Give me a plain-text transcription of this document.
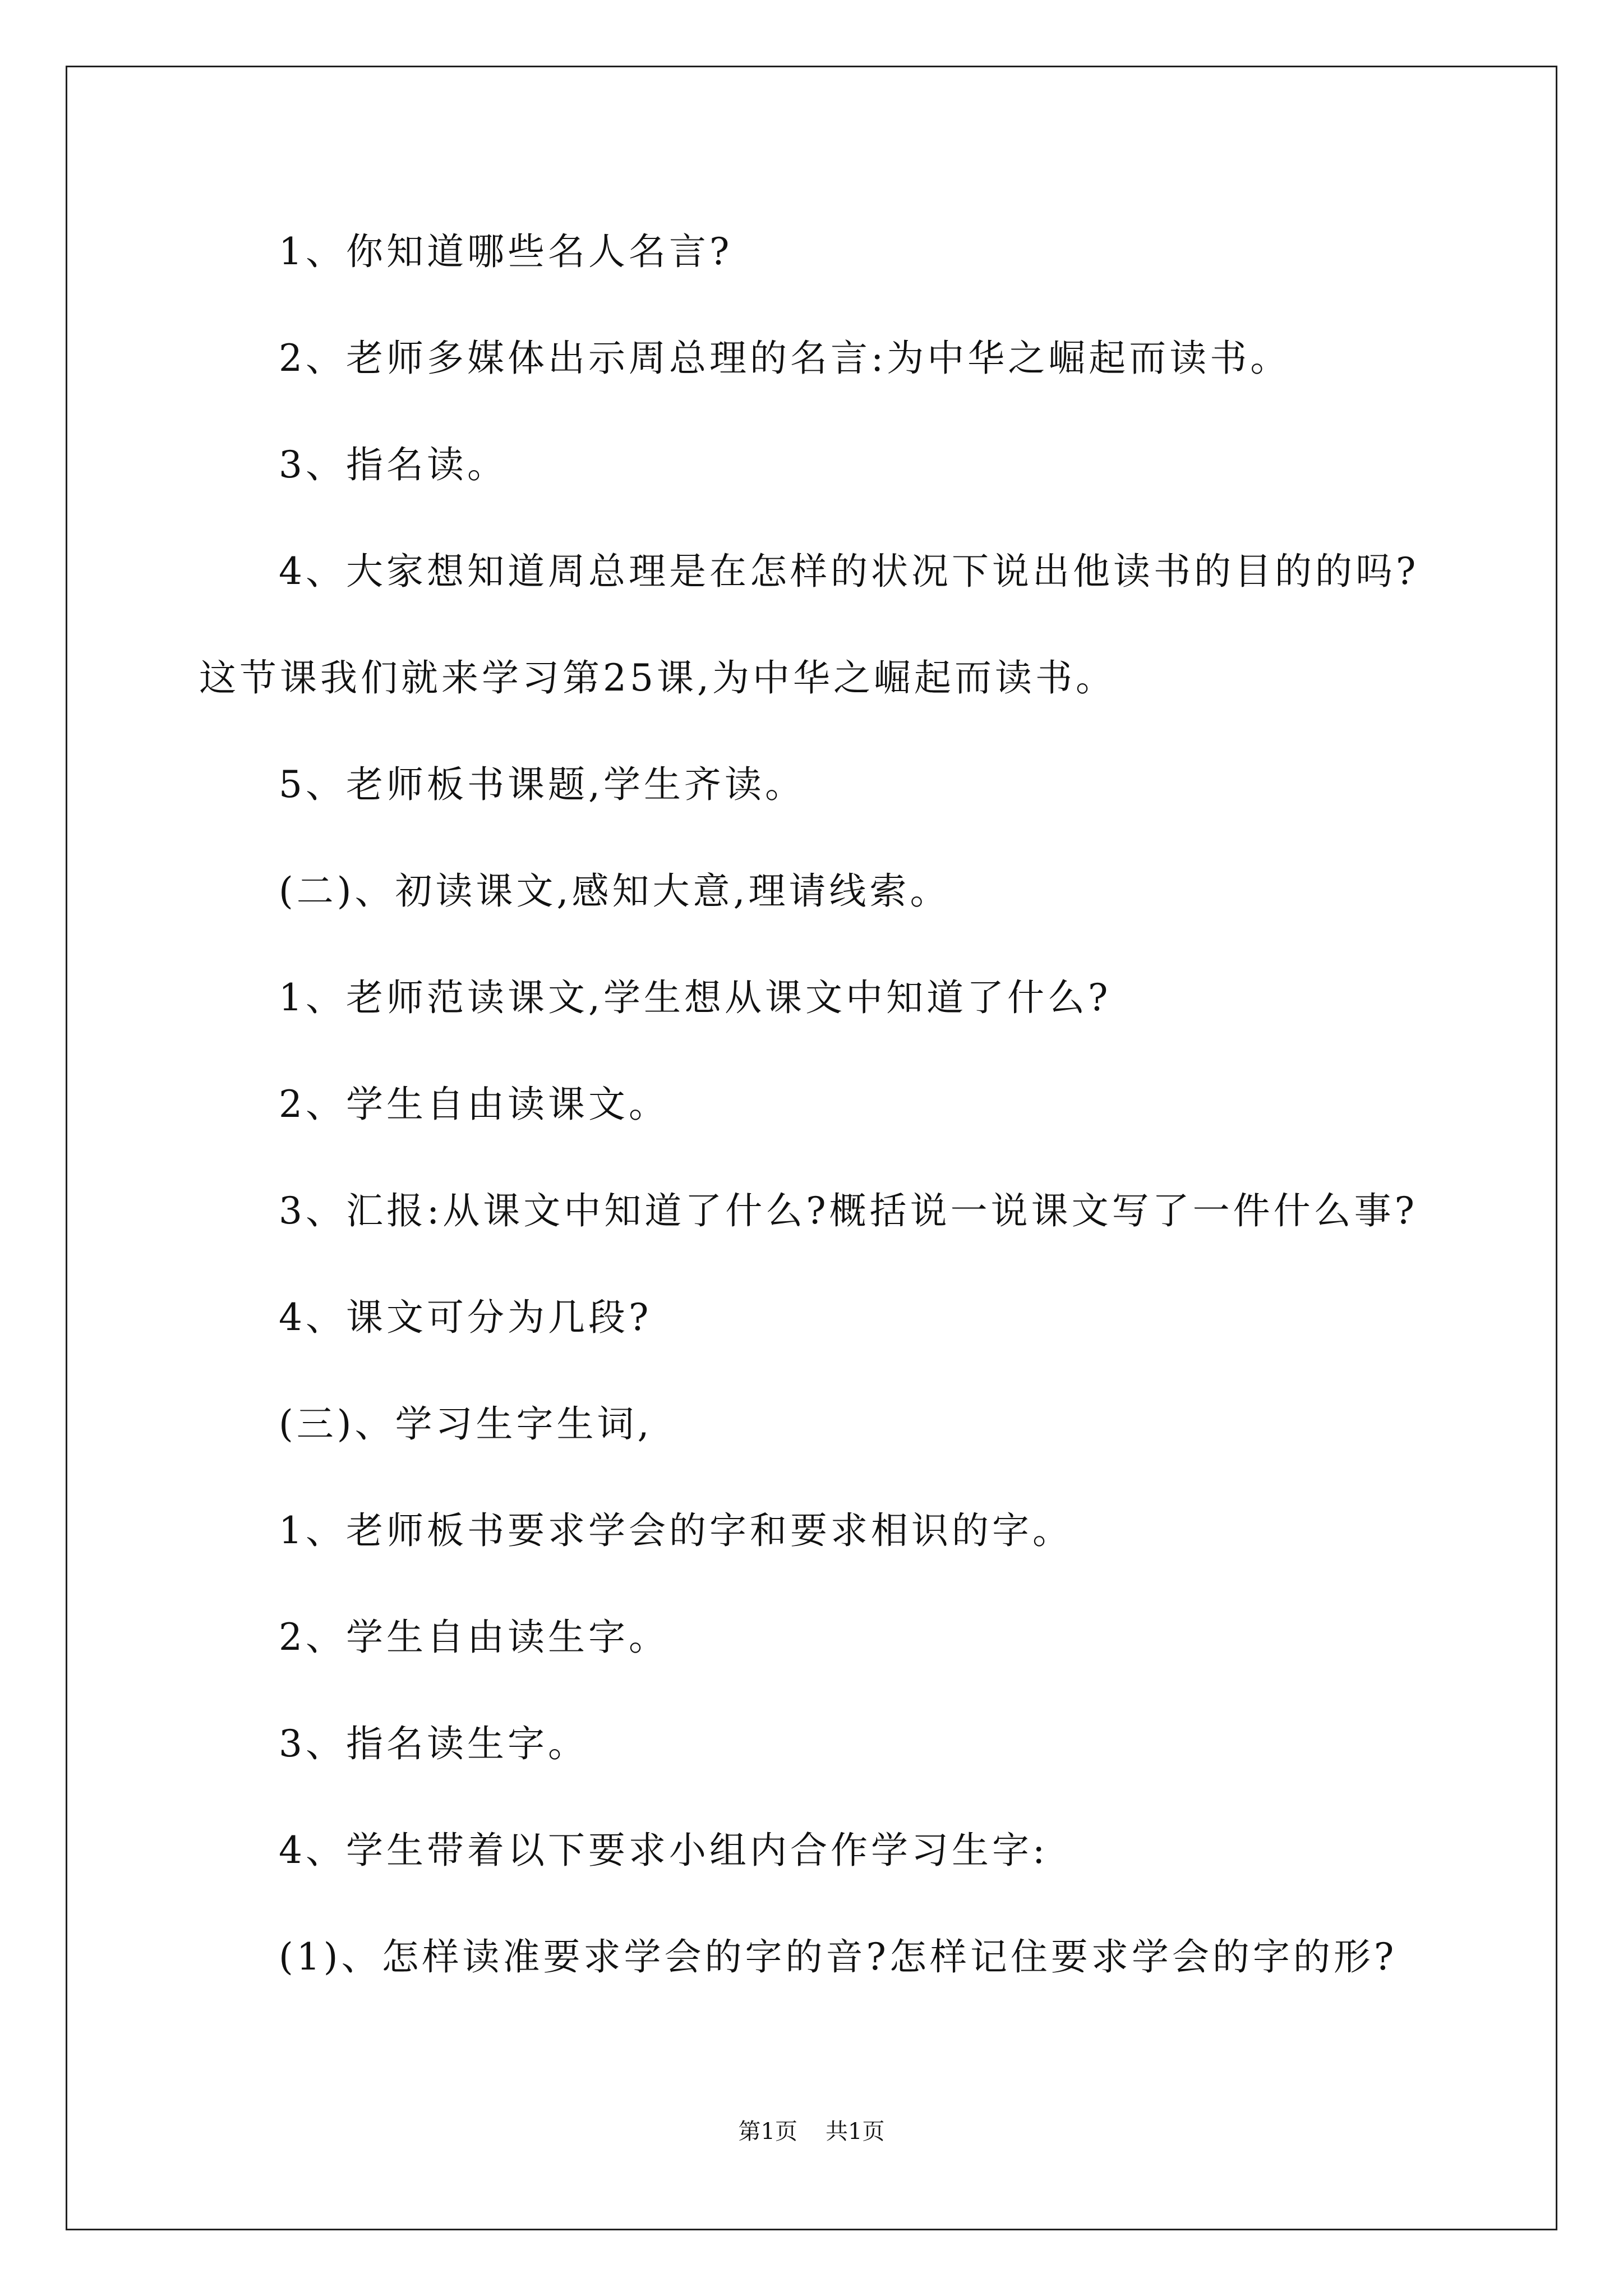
1、你知道哪些名人名言?
2、老师多媒体出示周总理的名言:为中华之崛起而读书。
3、指名读。
4、大家想知道周总理是在怎样的状况下说出他读书的目的的吗?
这节课我们就来学习第25课,为中华之崛起而读书。
5、老师板书课题,学生齐读。
(二)、初读课文,感知大意,理请线索。
1、老师范读课文,学生想从课文中知道了什么?
2、学生自由读课文。
3、汇报:从课文中知道了什么?概括说一说课文写了一件什么事?
4、课文可分为几段?
(三)、学习生字生词,
1、老师板书要求学会的字和要求相识的字。
2、学生自由读生字。
3、指名读生字。
4、学生带着以下要求小组内合作学习生字:
(1)、怎样读准要求学会的字的音?怎样记住要求学会的字的形?
第1页 共1页
